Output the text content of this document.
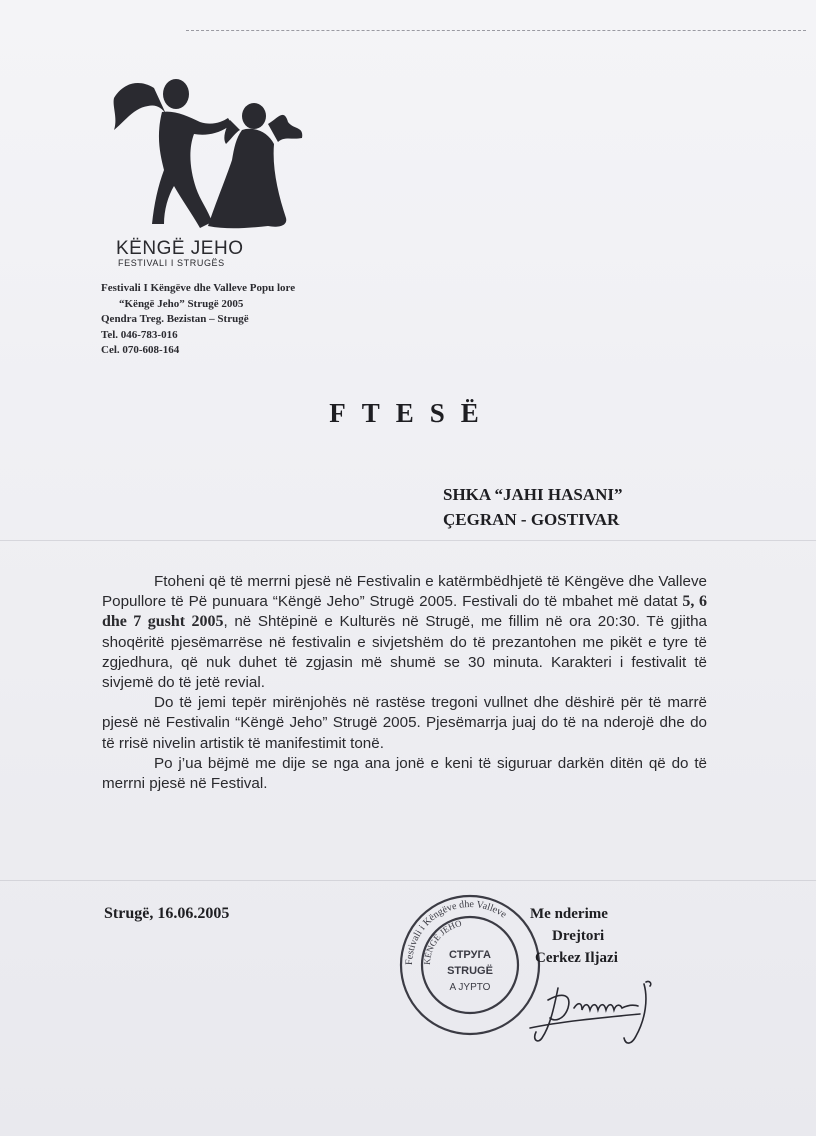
KËNGË JEHO
FESTIVALI I STRUGËS
Festivali I Këngëve dhe Valleve Popu lore
“Këngë Jeho” Strugë 2005
Qendra Treg. Bezistan – Strugë
Tel. 046-783-016
Cel. 070-608-164
FTESË
SHKA “JAHI HASANI”
ÇEGRAN - GOSTIVAR

Ftoheni që të merrni pjesë në Festivalin e katërmbëdhjetë të Këngëve dhe Valleve Popullore të Pë punuara “Këngë Jeho” Strugë 2005. Festivali do të mbahet më datat 5, 6 dhe 7 gusht 2005, në Shtëpinë e Kulturës në Strugë, me fillim në ora 20:30. Të gjitha shoqëritë pjesëmarrëse në festivalin e sivjetshëm do të prezantohen me pikët e tyre të zgjedhura, që nuk duhet të zgjasin më shumë se 30 minuta. Karakteri i festivalit të sivjemë do të jetë revial.

Do të jemi tepër mirënjohës në rastëse tregoni vullnet dhe dëshirë për të marrë pjesë në Festivalin “Këngë Jeho” Strugë 2005. Pjesëmarrja juaj do të na nderojë dhe do të rrisë nivelin artistik të manifestimit tonë.

Po j’ua bëjmë me dije se nga ana jonë e keni të siguruar darkën ditën që do të merrni pjesë në Festival.

Strugë, 16.06.2005
Festivali i Këngëve dhe Valleve
KËNGË JEHO
СТРУГА
STRUGË
A JYPTO
Me nderime
Drejtori
Cerkez Ilјazi
